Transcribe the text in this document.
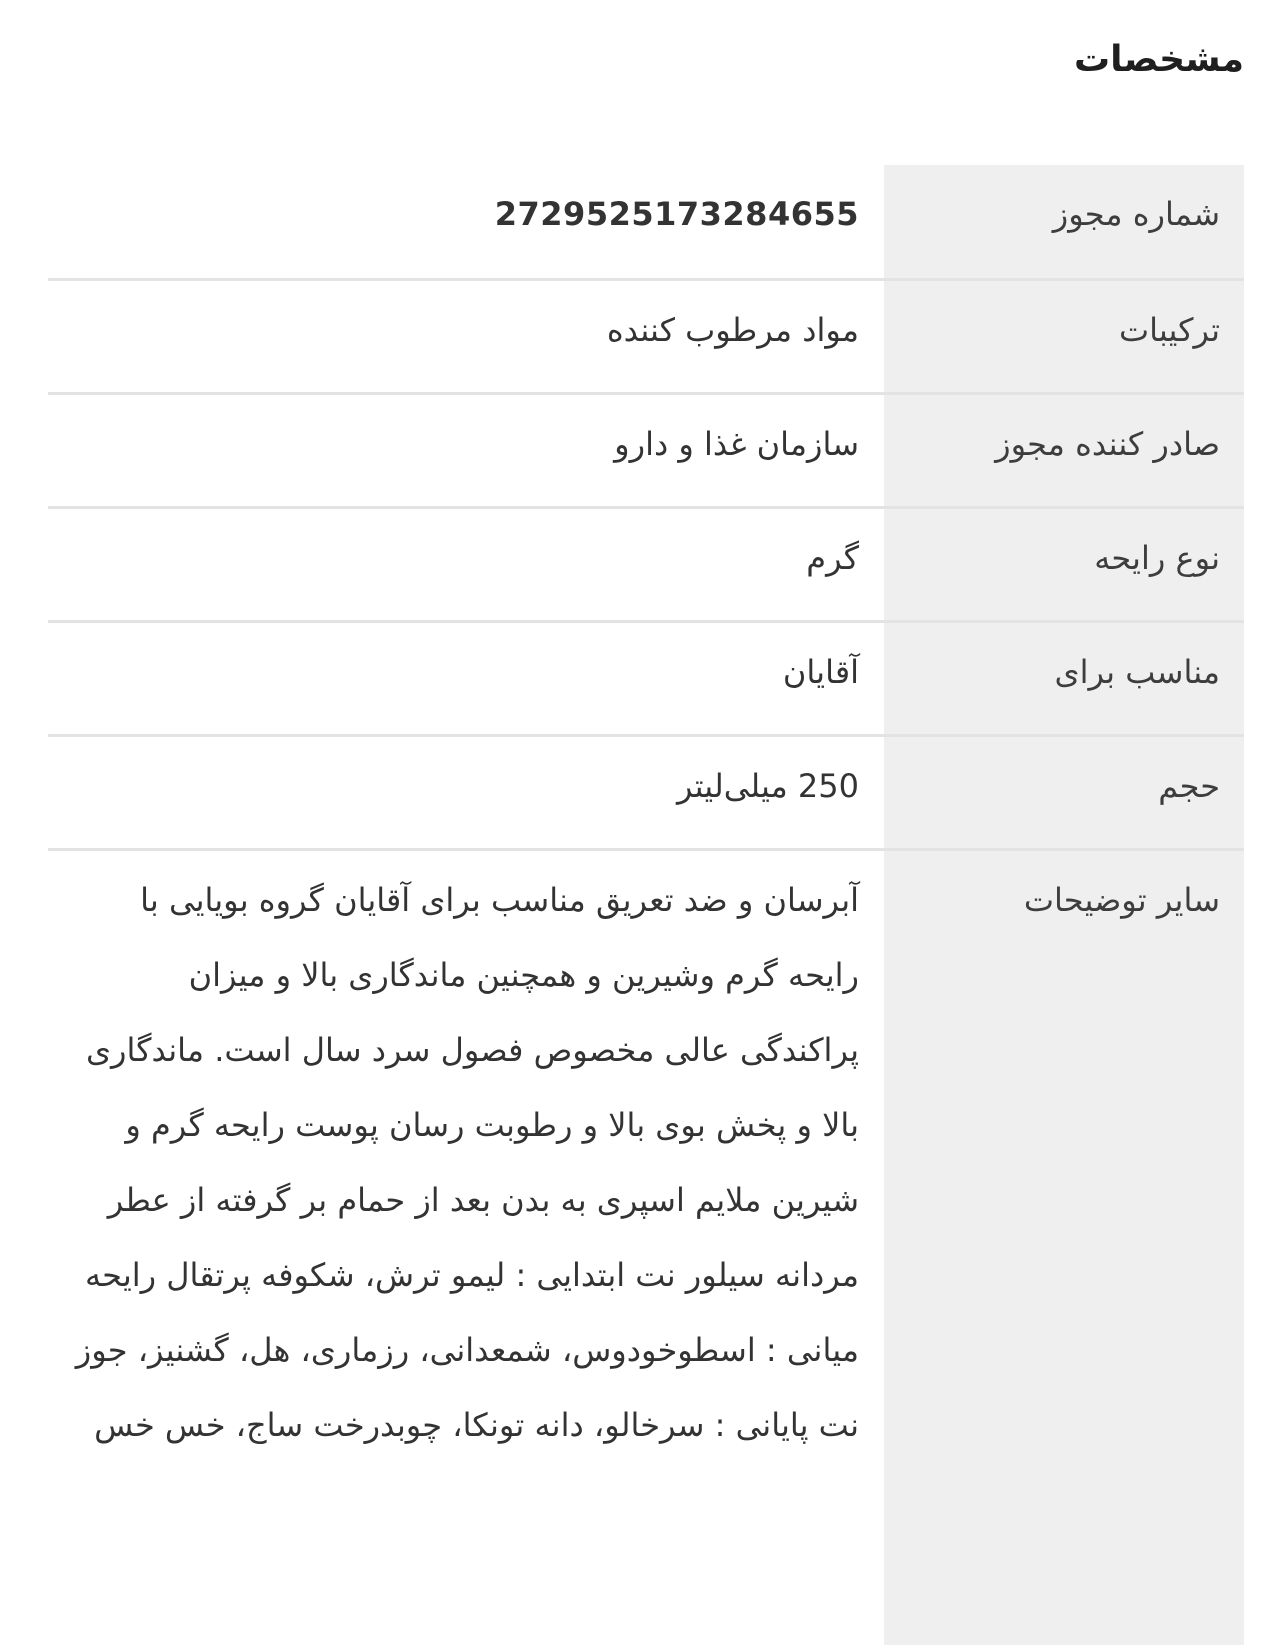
مشخصات
شماره مجوز	2729525173284655
ترکیبات	مواد مرطوب کننده
صادر کننده مجوز	سازمان غذا و دارو
نوع رایحه	گرم
مناسب برای	آقایان
حجم	250 میلی‌لیتر
سایر توضیحات	آبرسان و ضد تعریق مناسب برای آقایان گروه بویایی با رایحه گرم وشیرین و همچنین ماندگاری بالا و میزان پراکندگی عالی مخصوص فصول سرد سال است. ماندگاری بالا و پخش بوی بالا و رطوبت رسان پوست رایحه گرم و شیرین ملایم اسپری به بدن بعد از حمام بر گرفته از عطر مردانه سیلور نت ابتدایی : لیمو ترش، شکوفه پرتقال رایحه میانی : اسطوخودوس، شمعدانی، رزماری، هل، گشنیز، جوز نت پایانی : سرخالو، دانه تونکا، چوبدرخت ساج، خس خس
